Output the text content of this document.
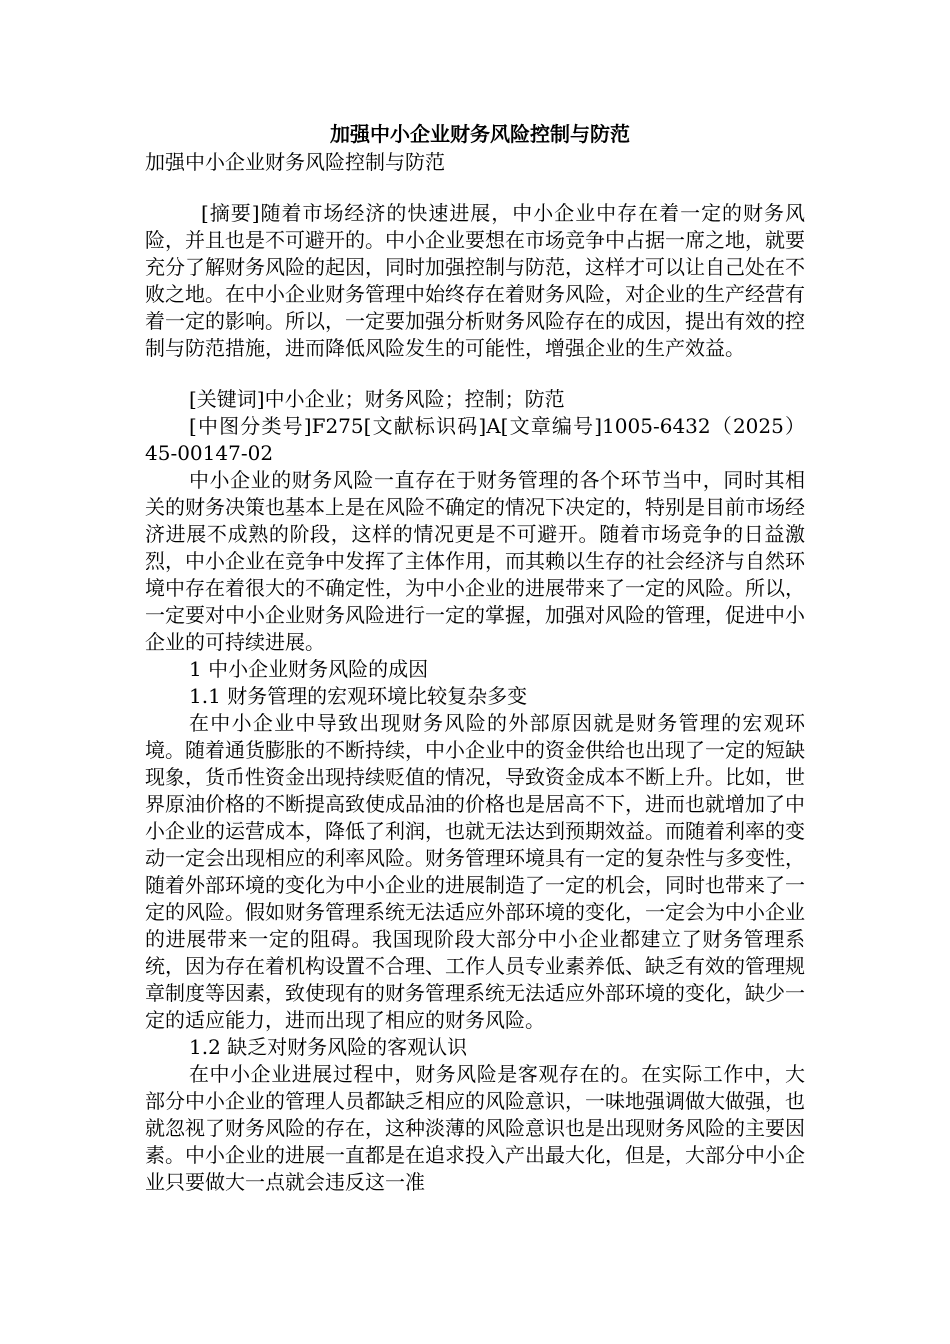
加强中小企业财务风险控制与防范

加强中小企业财务风险控制与防范

[摘要]随着市场经济的快速进展，中小企业中存在着一定的财务风险，并且也是不可避开的。中小企业要想在市场竞争中占据一席之地，就要充分了解财务风险的起因，同时加强控制与防范，这样才可以让自己处在不败之地。在中小企业财务管理中始终存在着财务风险，对企业的生产经营有着一定的影响。所以，一定要加强分析财务风险存在的成因，提出有效的控制与防范措施，进而降低风险发生的可能性，增强企业的生产效益。

[关键词]中小企业；财务风险；控制；防范

[中图分类号]F275[文献标识码]A[文章编号]1005-6432（2025）45-00147-02

中小企业的财务风险一直存在于财务管理的各个环节当中，同时其相关的财务决策也基本上是在风险不确定的情况下决定的，特别是目前市场经济进展不成熟的阶段，这样的情况更是不可避开。随着市场竞争的日益激烈，中小企业在竞争中发挥了主体作用，而其赖以生存的社会经济与自然环境中存在着很大的不确定性，为中小企业的进展带来了一定的风险。所以，一定要对中小企业财务风险进行一定的掌握，加强对风险的管理，促进中小企业的可持续进展。

1 中小企业财务风险的成因

1.1 财务管理的宏观环境比较复杂多变

在中小企业中导致出现财务风险的外部原因就是财务管理的宏观环境。随着通货膨胀的不断持续，中小企业中的资金供给也出现了一定的短缺现象，货币性资金出现持续贬值的情况，导致资金成本不断上升。比如，世界原油价格的不断提高致使成品油的价格也是居高不下，进而也就增加了中小企业的运营成本，降低了利润，也就无法达到预期效益。而随着利率的变动一定会出现相应的利率风险。财务管理环境具有一定的复杂性与多变性，随着外部环境的变化为中小企业的进展制造了一定的机会，同时也带来了一定的风险。假如财务管理系统无法适应外部环境的变化，一定会为中小企业的进展带来一定的阻碍。我国现阶段大部分中小企业都建立了财务管理系统，因为存在着机构设置不合理、工作人员专业素养低、缺乏有效的管理规章制度等因素，致使现有的财务管理系统无法适应外部环境的变化，缺少一定的适应能力，进而出现了相应的财务风险。

1.2 缺乏对财务风险的客观认识

在中小企业进展过程中，财务风险是客观存在的。在实际工作中，大部分中小企业的管理人员都缺乏相应的风险意识，一味地强调做大做强，也就忽视了财务风险的存在，这种淡薄的风险意识也是出现财务风险的主要因素。中小企业的进展一直都是在追求投入产出最大化，但是，大部分中小企业只要做大一点就会违反这一准
